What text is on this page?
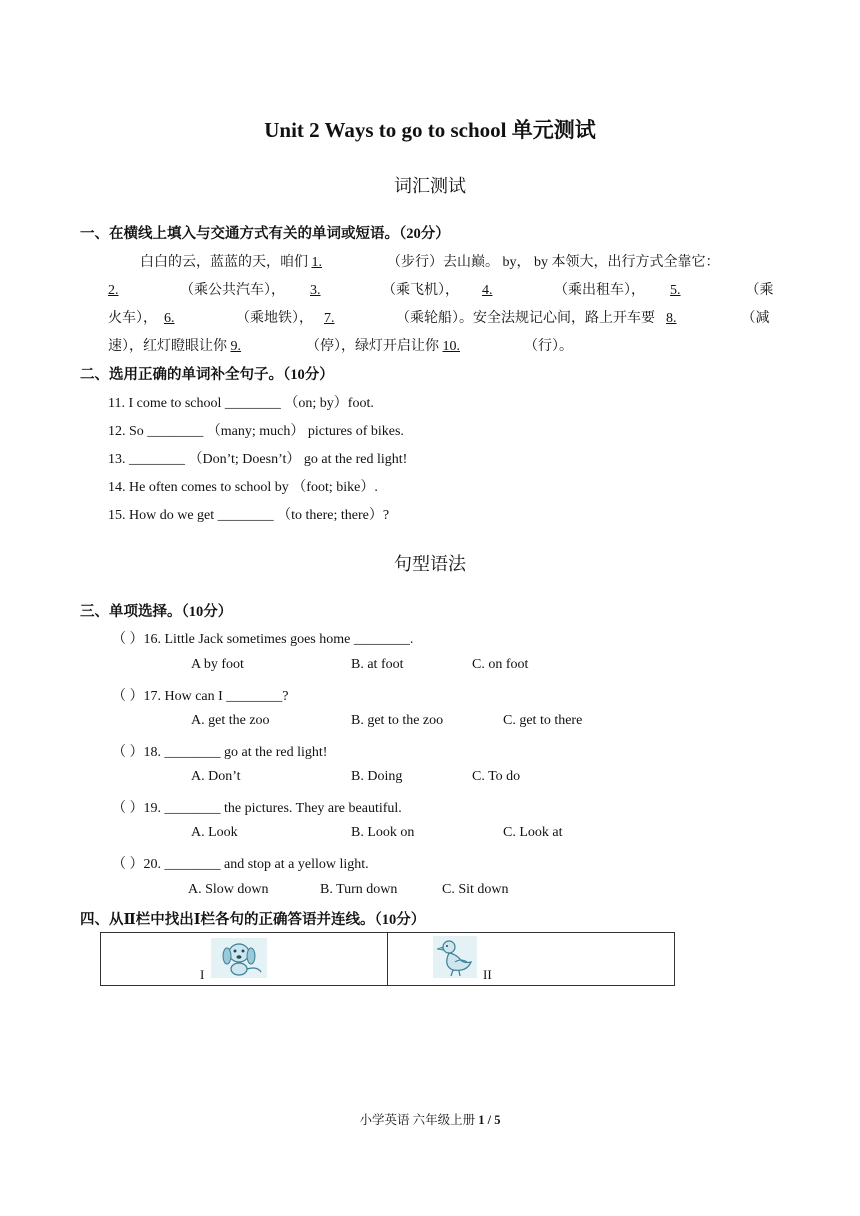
Unit 2 Ways to go to school 单元测试
词汇测试
一、在横线上填入与交通方式有关的单词或短语。（20分）
白白的云，蓝蓝的天，咱们 1.	（步行）去山巅。 by， by 本领大，出行方式全靠它：
2.	（乘公共汽车）， 3.	（乘飞机）， 4.	（乘出租车）， 5.	（乘
火车）， 6.	（乘地铁）， 7.	（乘轮船）。安全法规记心间，路上开车要8.	（减
速），红灯瞪眼让你 9.	（停），绿灯开启让你 10.	（行）。
二、选用正确的单词补全句子。（10分）
11. I come to school ________ （on; by）foot.
12. So ________ （many; much） pictures of bikes.
13. ________ （Don’t; Doesn’t） go at the red light!
14. He often comes to school by （foot; bike）.
15. How do we get ________ （to there; there）?
句型语法
三、单项选择。（10分）
（ ）16. Little Jack sometimes goes home ________.
A by foot	B. at foot	C. on foot
（ ）17. How can I ________?
A. get the zoo	B. get to the zoo	C. get to there
（ ）18. ________ go at the red light!
A. Don’t	B. Doing	C. To do
（ ）19. ________ the pictures. They are beautiful.
A. Look	B. Look on	C. Look at
（ ）20. ________ and stop at a yellow light.
A. Slow down	B. Turn down	C. Sit down
四、从Ⅱ栏中找出Ⅰ栏各句的正确答语并连线。（10分）
I	II
小学英语 六年级上册 1 / 5
